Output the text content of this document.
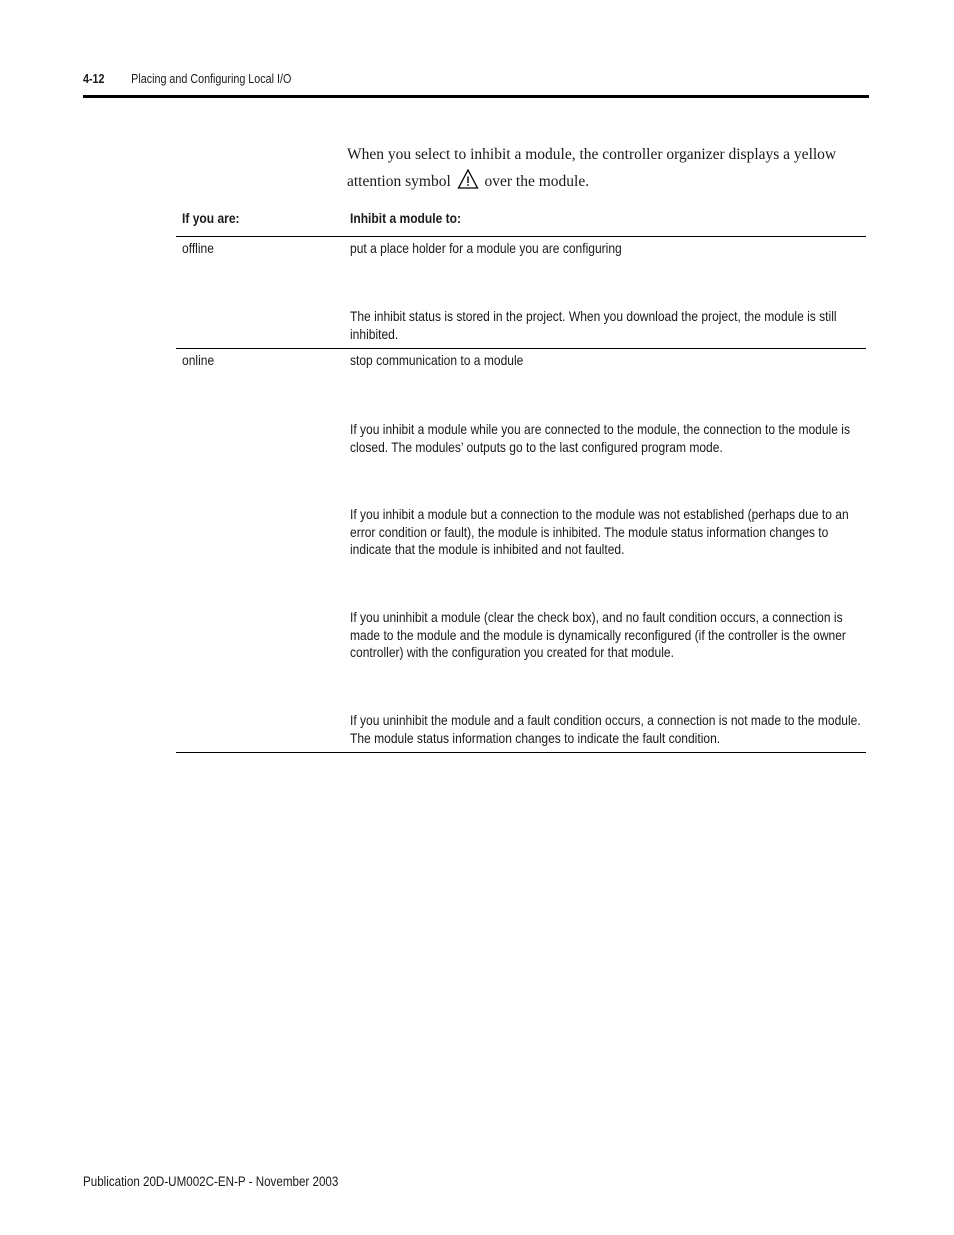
4-12 Placing and Configuring Local I/O
When you select to inhibit a module, the controller organizer displays a yellow attention symbol over the module.
If you are:	Inhibit a module to:
offline	put a place holder for a module you are configuring
The inhibit status is stored in the project. When you download the project, the module is still inhibited.
online	stop communication to a module
If you inhibit a module while you are connected to the module, the connection to the module is closed. The modules’ outputs go to the last configured program mode.
If you inhibit a module but a connection to the module was not established (perhaps due to an error condition or fault), the module is inhibited. The module status information changes to indicate that the module is inhibited and not faulted.
If you uninhibit a module (clear the check box), and no fault condition occurs, a connection is made to the module and the module is dynamically reconfigured (if the controller is the owner controller) with the configuration you created for that module.
If you uninhibit the module and a fault condition occurs, a connection is not made to the module. The module status information changes to indicate the fault condition.
Publication 20D-UM002C-EN-P - November 2003
